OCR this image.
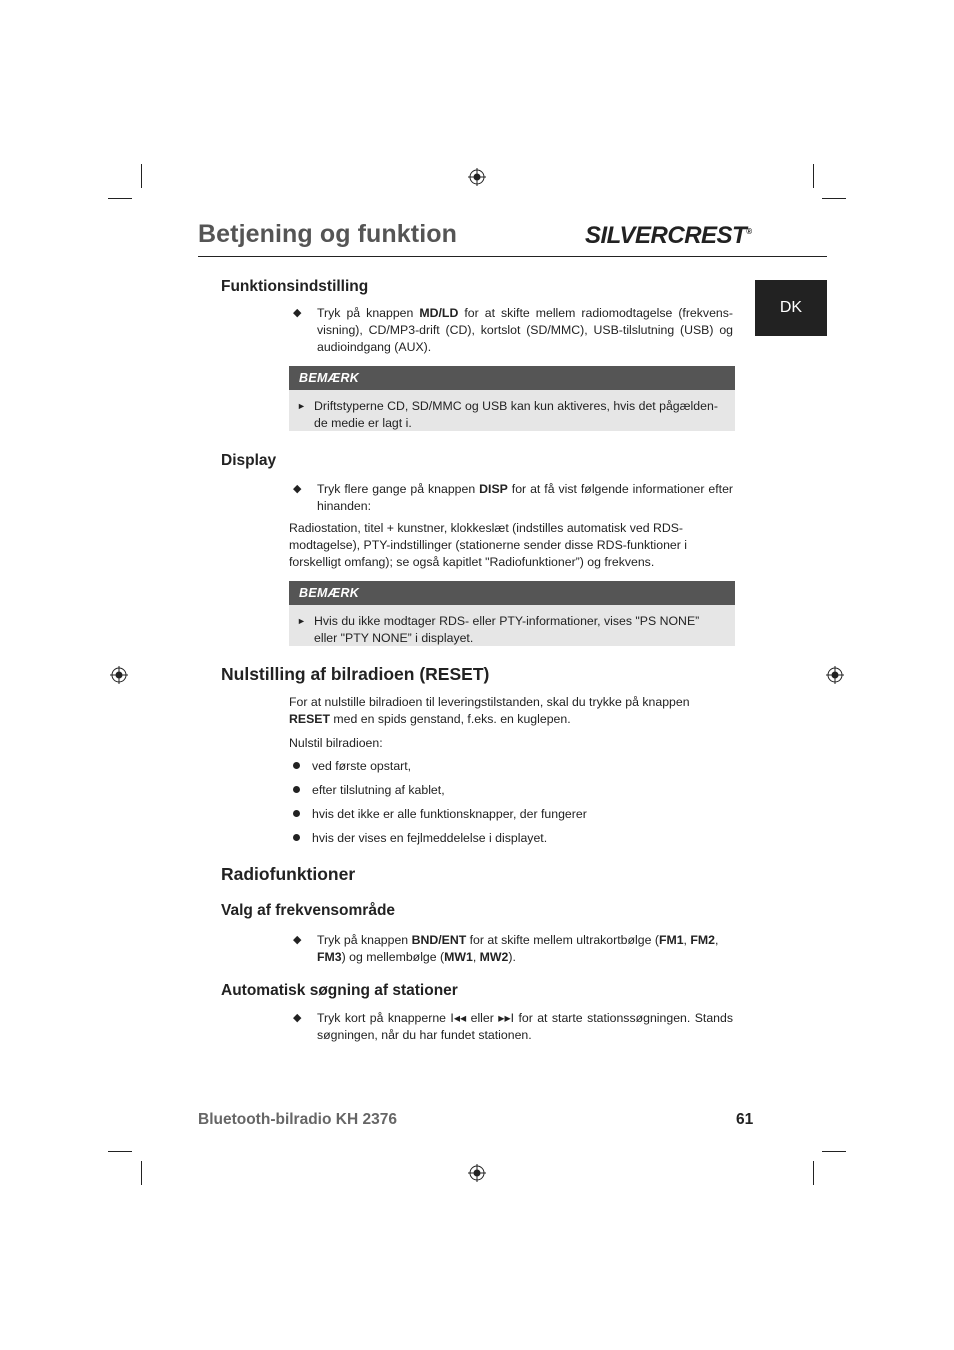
Betjening og funktion	SILVERCREST®
DK
Funktionsindstilling
◆ Tryk på knappen MD/LD for at skifte mellem radiomodtagelse (frekvensvisning), CD/MP3-drift (CD), kortslot (SD/MMC), USB-tilslutning (USB) og audioindgang (AUX).
BEMÆRK
► Driftstyperne CD, SD/MMC og USB kan kun aktiveres, hvis det pågældende medie er lagt i.
Display
◆ Tryk flere gange på knappen DISP for at få vist følgende informationer efter hinanden:
Radiostation, titel + kunstner, klokkeslæt (indstilles automatisk ved RDS-modtagelse), PTY-indstillinger (stationerne sender disse RDS-funktioner i forskelligt omfang); se også kapitlet "Radiofunktioner”) og frekvens.
BEMÆRK
► Hvis du ikke modtager RDS- eller PTY-informationer, vises "PS NONE” eller "PTY NONE” i displayet.
Nulstilling af bilradioen (RESET)
For at nulstille bilradioen til leveringstilstanden, skal du trykke på knappen RESET med en spids genstand, f.eks. en kuglepen.
Nulstil bilradioen:
ved første opstart,
efter tilslutning af kablet,
hvis det ikke er alle funktionsknapper, der fungerer
hvis der vises en fejlmeddelelse i displayet.
Radiofunktioner
Valg af frekvensområde
◆ Tryk på knappen BND/ENT for at skifte mellem ultrakortbølge (FM1, FM2, FM3) og mellembølge (MW1, MW2).
Automatisk søgning af stationer
◆ Tryk kort på knapperne I◂◂ eller ▸▸I for at starte stationssøgningen. Stands søgningen, når du har fundet stationen.
Bluetooth-bilradio KH 2376	61
